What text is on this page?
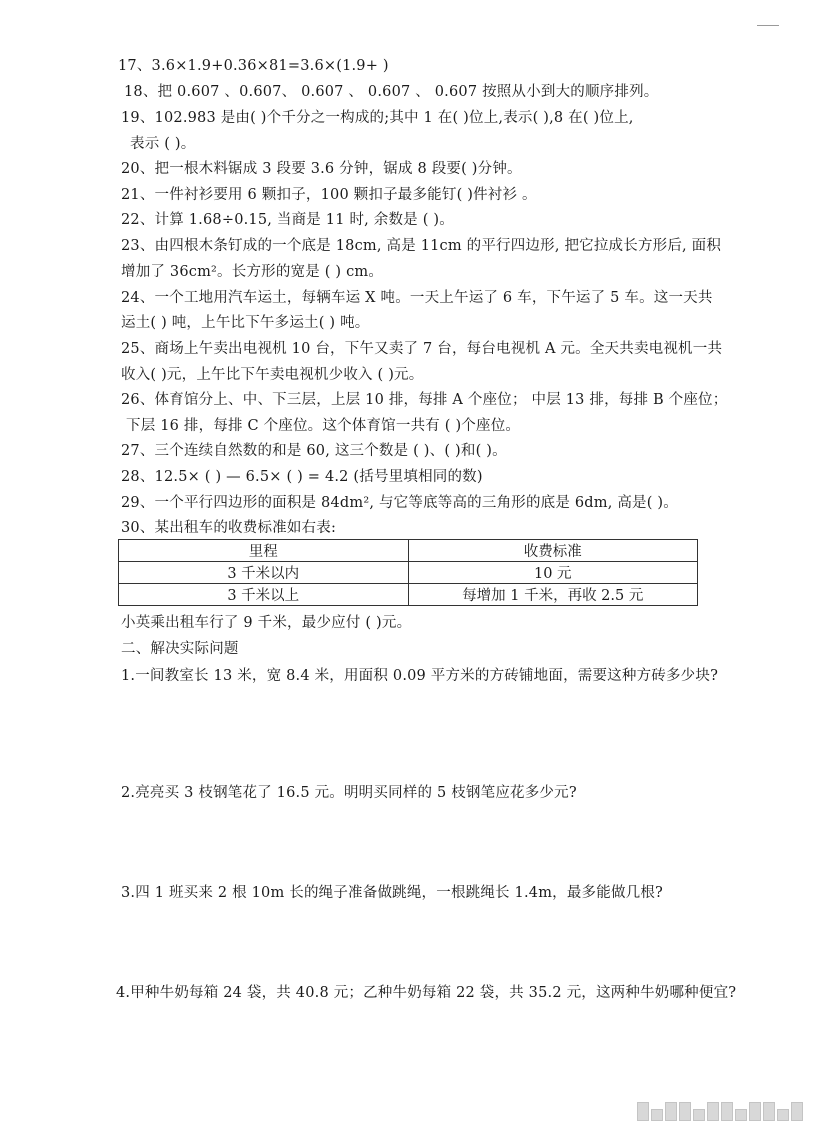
17、3.6×1.9+0.36×81=3.6×(1.9+ )
18、把 0.607 、0.607、 0.607 、 0.607 、 0.607 按照从小到大的顺序排列。
19、102.983 是由( )个千分之一构成的;其中 1 在( )位上,表示( ),8 在( )位上,
表示 ( )。
20、把一根木料锯成 3 段要 3.6 分钟，锯成 8 段要( )分钟。
21、一件衬衫要用 6 颗扣子，100 颗扣子最多能钉( )件衬衫 。
22、计算 1.68÷0.15, 当商是 11 时, 余数是 ( )。
23、由四根木条钉成的一个底是 18cm, 高是 11cm 的平行四边形, 把它拉成长方形后, 面积
增加了 36cm²。长方形的宽是 ( ) cm。
24、一个工地用汽车运土，每辆车运 X 吨。一天上午运了 6 车，下午运了 5 车。这一天共
运土( ) 吨，上午比下午多运土( ) 吨。
25、商场上午卖出电视机 10 台，下午又卖了 7 台，每台电视机 A 元。全天共卖电视机一共
收入( )元，上午比下午卖电视机少收入 ( )元。
26、体育馆分上、中、下三层，上层 10 排，每排 A 个座位； 中层 13 排，每排 B 个座位；
下层 16 排，每排 C 个座位。这个体育馆一共有 ( )个座位。
27、三个连续自然数的和是 60, 这三个数是 ( )、( )和( )。
28、12.5× ( ) — 6.5× ( ) = 4.2 (括号里填相同的数)
29、一个平行四边形的面积是 84dm², 与它等底等高的三角形的底是 6dm, 高是( )。
30、某出租车的收费标准如右表:
里程	收费标准
3 千米以内	10 元
3 千米以上	每增加 1 千米，再收 2.5 元
小英乘出租车行了 9 千米，最少应付 ( )元。
二、解决实际问题
1.一间教室长 13 米，宽 8.4 米，用面积 0.09 平方米的方砖铺地面，需要这种方砖多少块?
2.亮亮买 3 枝钢笔花了 16.5 元。明明买同样的 5 枝钢笔应花多少元?
3.四 1 班买来 2 根 10m 长的绳子准备做跳绳，一根跳绳长 1.4m，最多能做几根?
4.甲种牛奶每箱 24 袋，共 40.8 元；乙种牛奶每箱 22 袋，共 35.2 元，这两种牛奶哪种便宜?
